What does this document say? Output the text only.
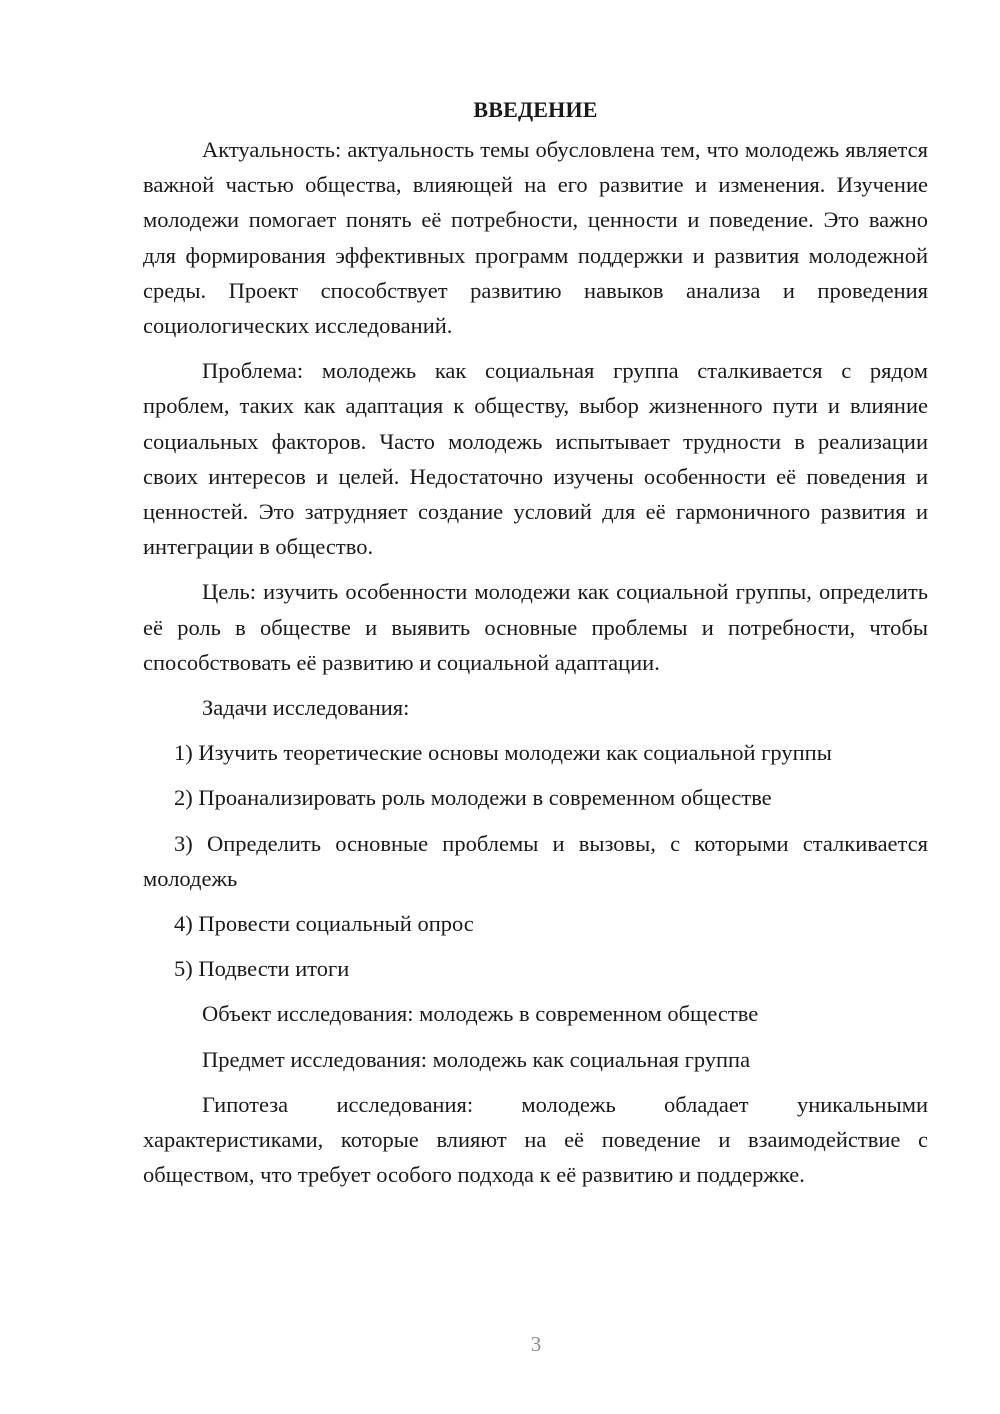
ВВЕДЕНИЕ

Актуальность: актуальность темы обусловлена тем, что молодежь является важной частью общества, влияющей на его развитие и изменения. Изучение молодежи помогает понять её потребности, ценности и поведение. Это важно для формирования эффективных программ поддержки и развития молодежной среды. Проект способствует развитию навыков анализа и проведения социологических исследований.

Проблема: молодежь как социальная группа сталкивается с рядом проблем, таких как адаптация к обществу, выбор жизненного пути и влияние социальных факторов. Часто молодежь испытывает трудности в реализации своих интересов и целей. Недостаточно изучены особенности её поведения и ценностей. Это затрудняет создание условий для её гармоничного развития и интеграции в общество.

Цель: изучить особенности молодежи как социальной группы, определить её роль в обществе и выявить основные проблемы и потребности, чтобы способствовать её развитию и социальной адаптации.

Задачи исследования:

1) Изучить теоретические основы молодежи как социальной группы

2) Проанализировать роль молодежи в современном обществе

3) Определить основные проблемы и вызовы, с которыми сталкивается молодежь

4) Провести социальный опрос

5) Подвести итоги

Объект исследования: молодежь в современном обществе

Предмет исследования: молодежь как социальная группа

Гипотеза исследования: молодежь обладает уникальными характеристиками, которые влияют на её поведение и взаимодействие с обществом, что требует особого подхода к её развитию и поддержке.

3
